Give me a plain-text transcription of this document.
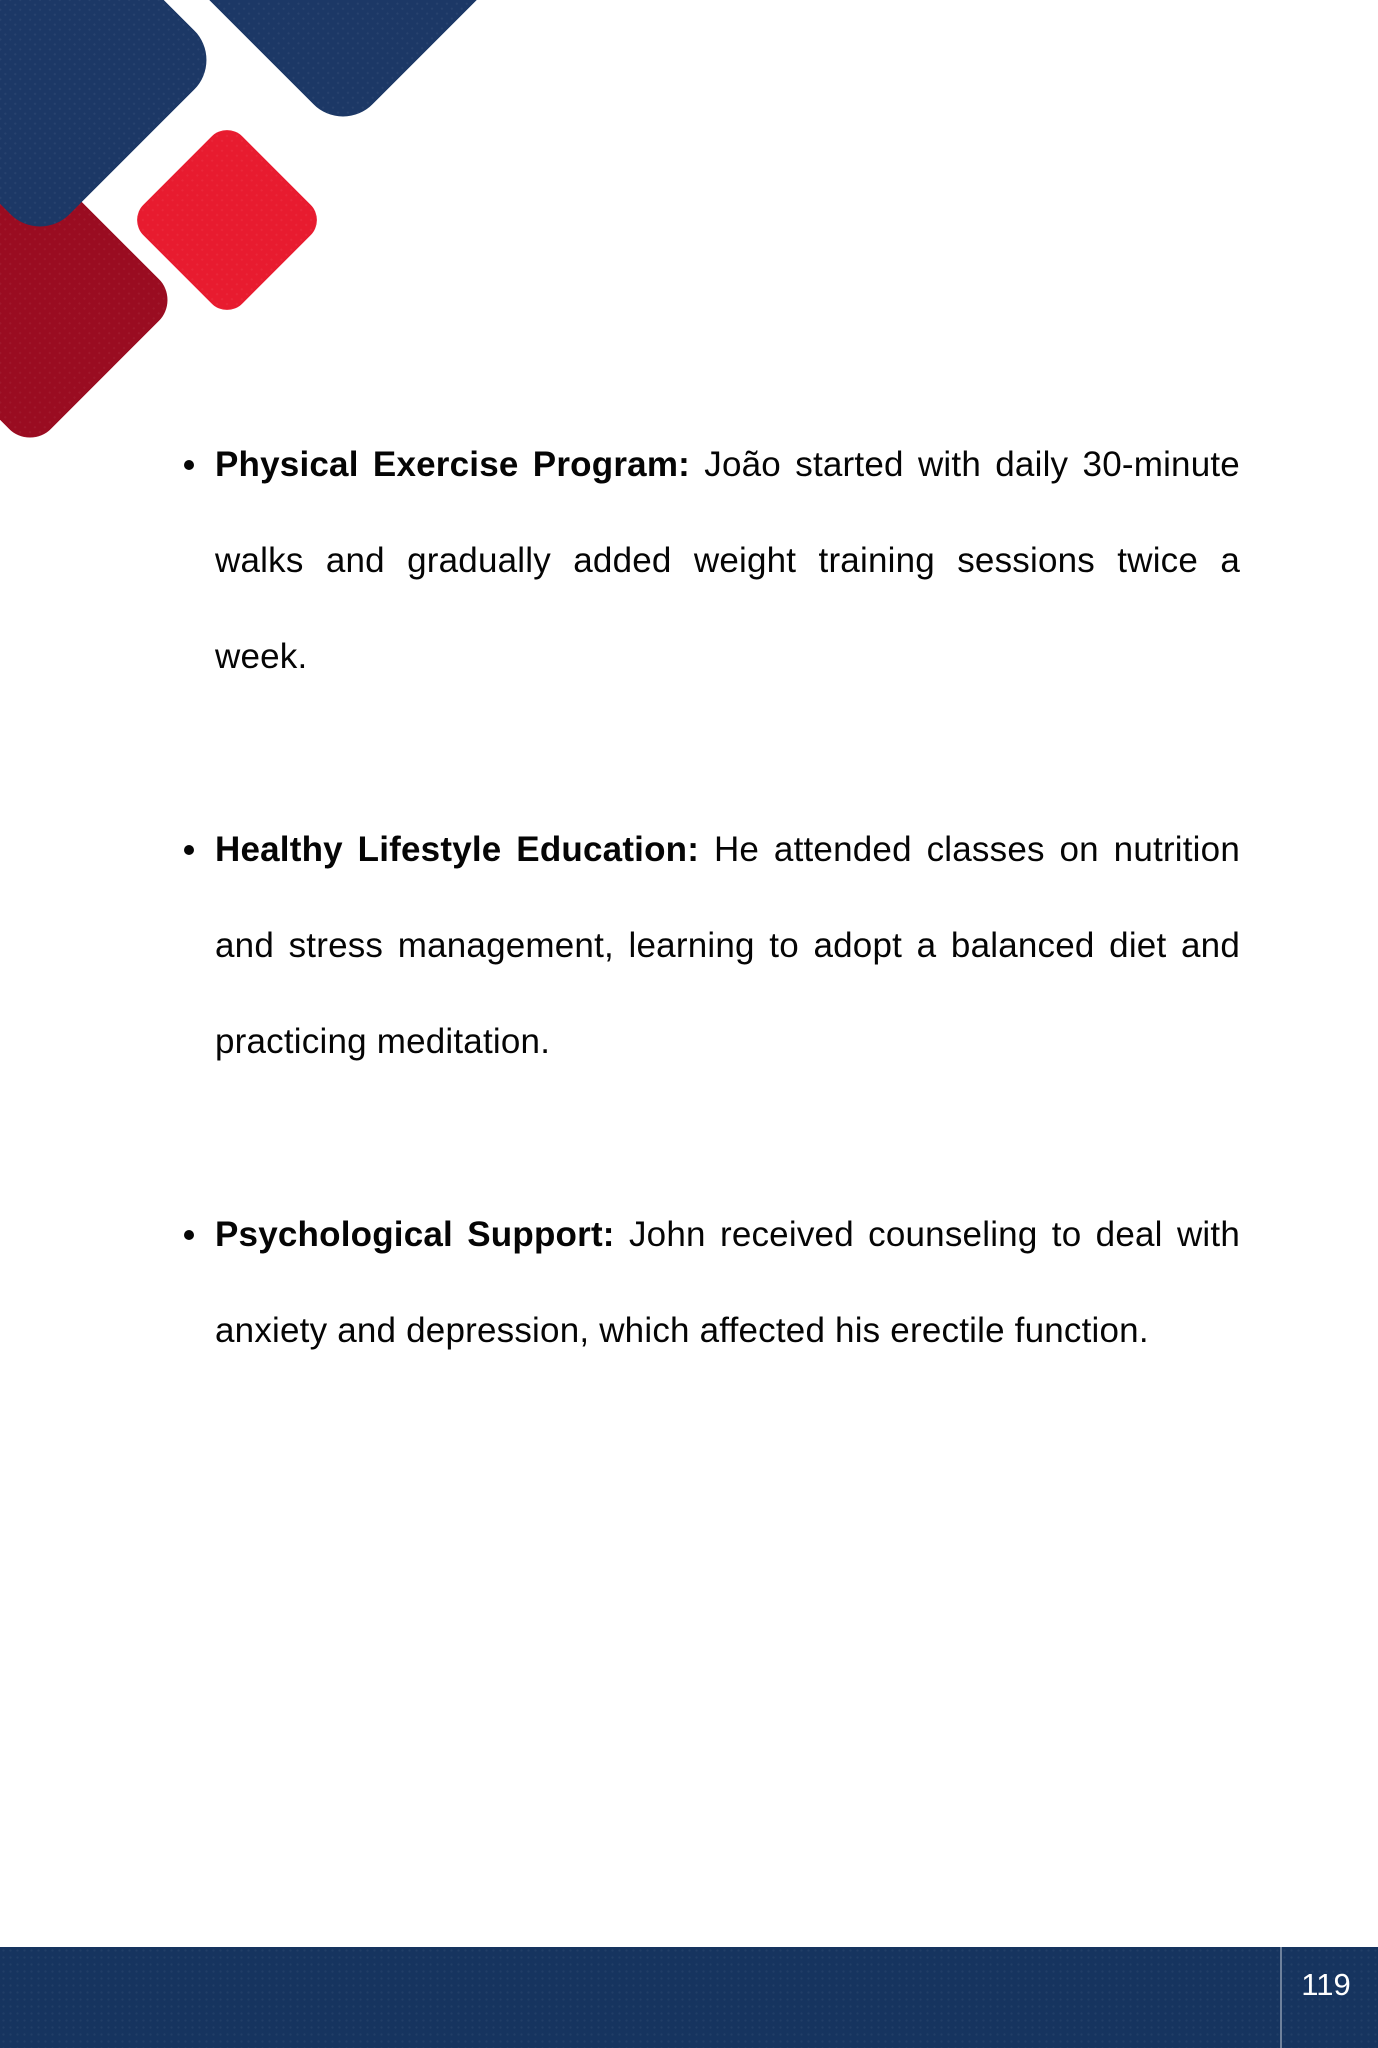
Physical Exercise Program: João started with daily 30-minute walks and gradually added weight training sessions twice a week.
Healthy Lifestyle Education: He attended classes on nutrition and stress management, learning to adopt a balanced diet and practicing meditation.
Psychological Support: John received counseling to deal with anxiety and depression, which affected his erectile function.
119
